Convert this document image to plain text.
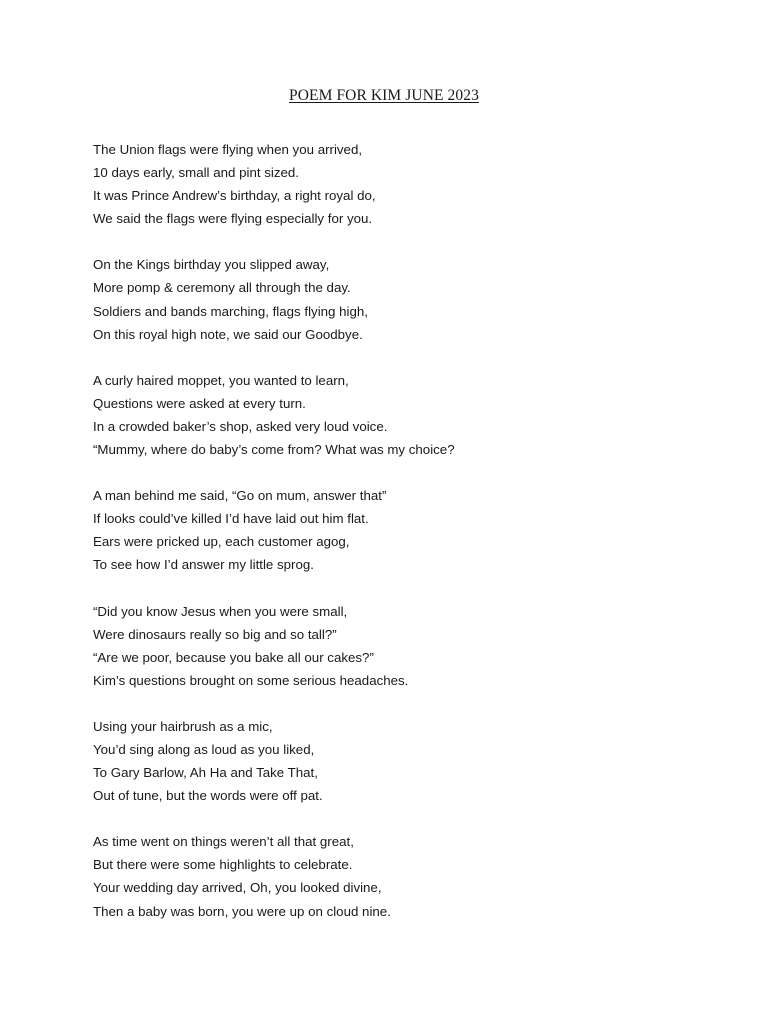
POEM FOR KIM JUNE 2023
The Union flags were flying when you arrived,
10 days early, small and pint sized.
It was Prince Andrew’s birthday, a right royal do,
We said the flags were flying especially for you.
On the Kings birthday you slipped away,
More pomp & ceremony all through the day.
Soldiers and bands marching, flags flying high,
On this royal high note, we said our Goodbye.
A curly haired moppet, you wanted to learn,
Questions were asked at every turn.
In a crowded baker’s shop, asked very loud voice.
“Mummy, where do baby’s come from? What was my choice?
A man behind me said, “Go on mum, answer that”
If looks could’ve killed I’d have laid out him flat.
Ears were pricked up, each customer agog,
To see how I’d answer my little sprog.
“Did you know Jesus when you were small,
Were dinosaurs really so big and so tall?”
“Are we poor, because you bake all our cakes?”
Kim’s questions brought on some serious headaches.
Using your hairbrush as a mic,
You’d sing along as loud as you liked,
To Gary Barlow, Ah Ha and Take That,
Out of tune, but the words were off pat.
As time went on things weren’t all that great,
But there were some highlights to celebrate.
Your wedding day arrived, Oh, you looked divine,
Then a baby was born, you were up on cloud nine.
